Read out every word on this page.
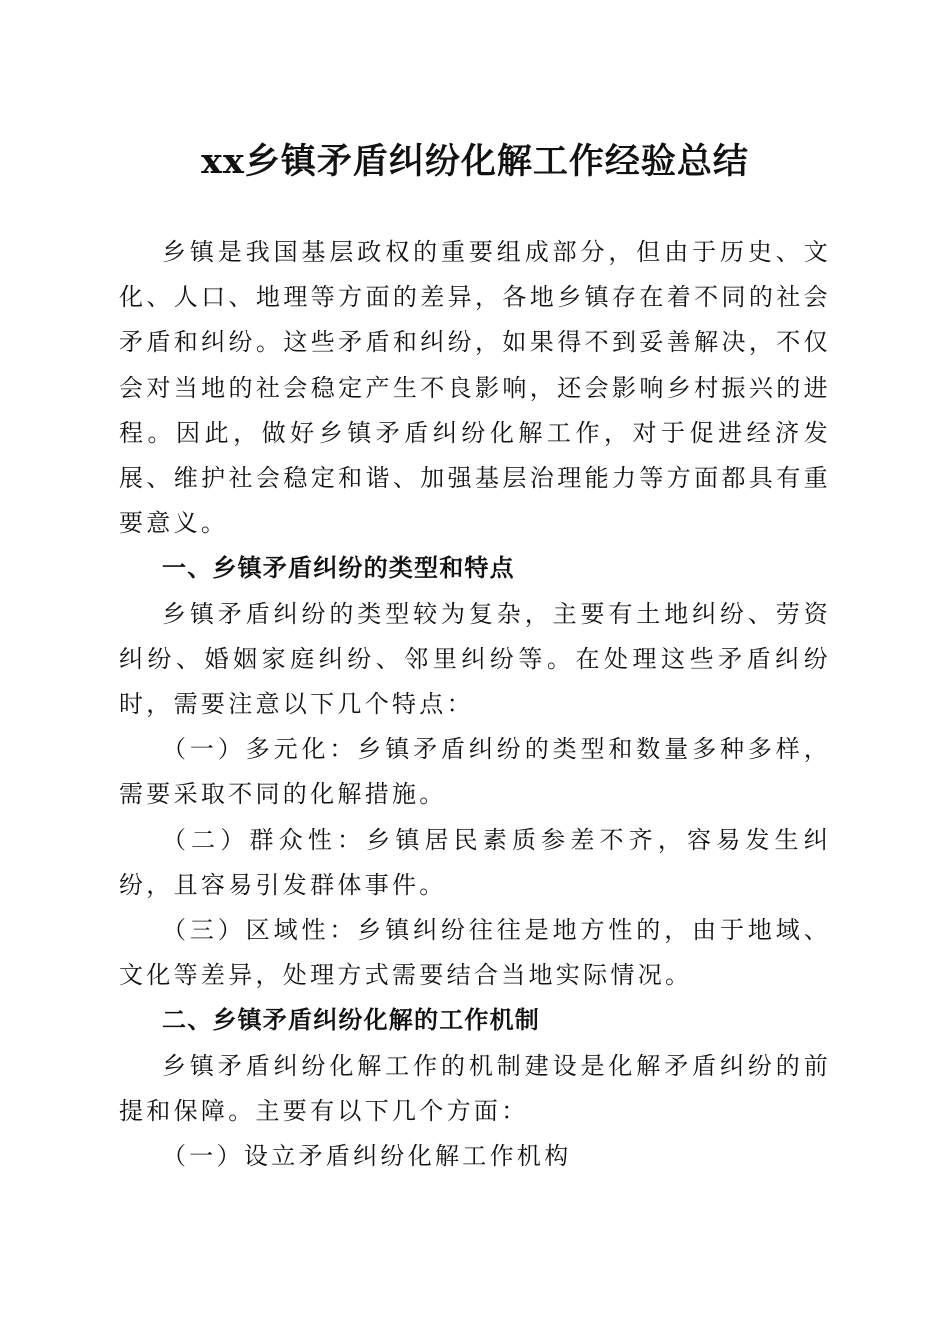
xx乡镇矛盾纠纷化解工作经验总结

乡镇是我国基层政权的重要组成部分，但由于历史、文化、人口、地理等方面的差异，各地乡镇存在着不同的社会矛盾和纠纷。这些矛盾和纠纷，如果得不到妥善解决，不仅会对当地的社会稳定产生不良影响，还会影响乡村振兴的进程。因此，做好乡镇矛盾纠纷化解工作，对于促进经济发展、维护社会稳定和谐、加强基层治理能力等方面都具有重要意义。

一、乡镇矛盾纠纷的类型和特点

乡镇矛盾纠纷的类型较为复杂，主要有土地纠纷、劳资纠纷、婚姻家庭纠纷、邻里纠纷等。在处理这些矛盾纠纷时，需要注意以下几个特点：

（一）多元化：乡镇矛盾纠纷的类型和数量多种多样，需要采取不同的化解措施。

（二）群众性：乡镇居民素质参差不齐，容易发生纠纷，且容易引发群体事件。

（三）区域性：乡镇纠纷往往是地方性的，由于地域、文化等差异，处理方式需要结合当地实际情况。

二、乡镇矛盾纠纷化解的工作机制

乡镇矛盾纠纷化解工作的机制建设是化解矛盾纠纷的前提和保障。主要有以下几个方面：

（一）设立矛盾纠纷化解工作机构
